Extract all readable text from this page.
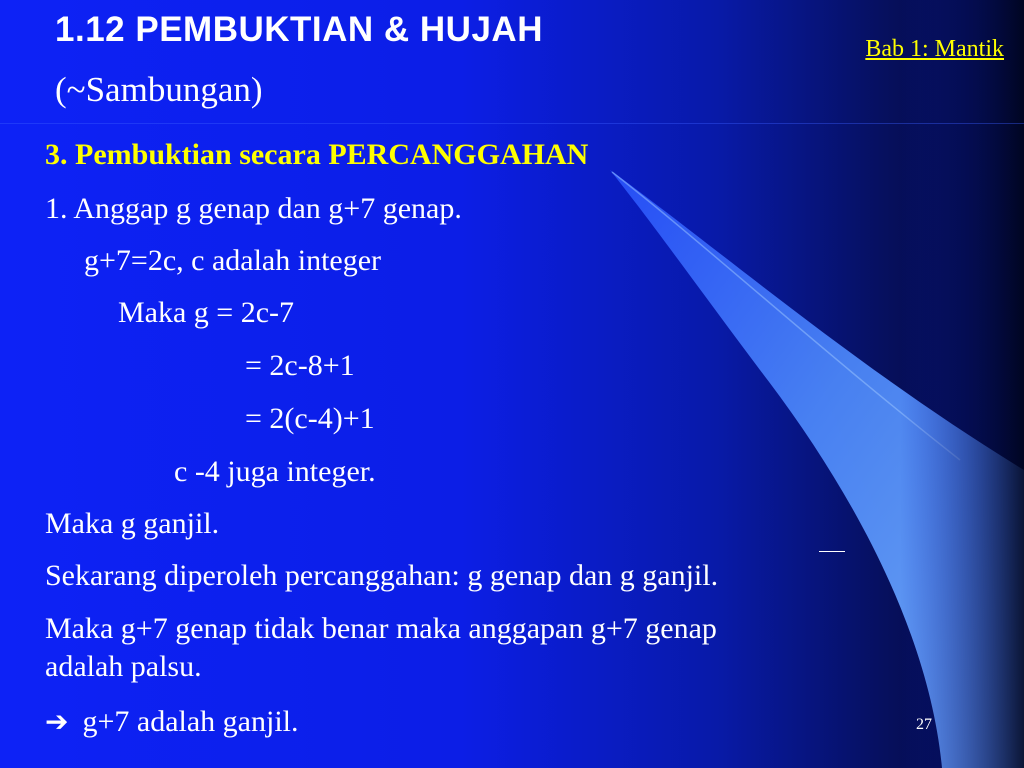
1.12 PEMBUKTIAN & HUJAH
(~Sambungan)
Bab 1: Mantik
3. Pembuktian secara PERCANGGAHAN
1. Anggap g genap dan g+7 genap.
g+7=2c, c adalah integer
Maka g = 2c-7
= 2c-8+1
= 2(c-4)+1
c -4 juga integer.
Maka g ganjil.
Sekarang diperoleh percanggahan: g genap dan g ganjil.
Maka g+7 genap tidak benar maka anggapan g+7 genap
adalah palsu.
➔ g+7 adalah ganjil.	27
